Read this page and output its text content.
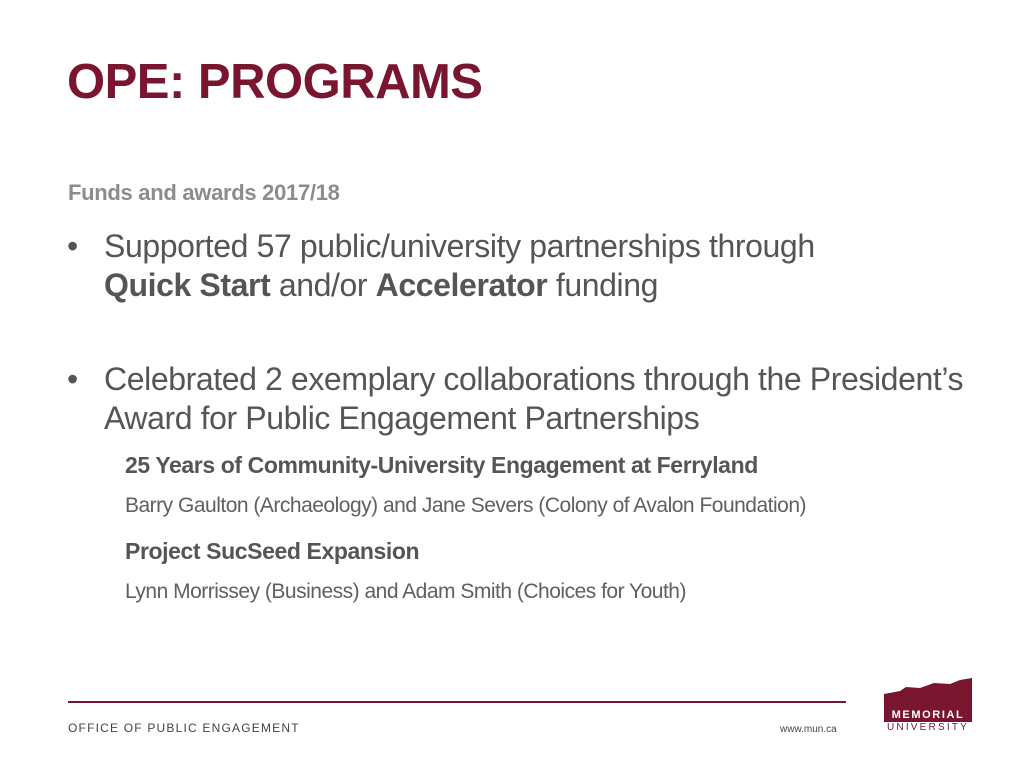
OPE: PROGRAMS
Funds and awards 2017/18
• Supported 57 public/university partnerships through
Quick Start and/or Accelerator funding
• Celebrated 2 exemplary collaborations through the President’s Award for Public Engagement Partnerships
25 Years of Community-University Engagement at Ferryland
Barry Gaulton (Archaeology) and Jane Severs (Colony of Avalon Foundation)
Project SucSeed Expansion
Lynn Morrissey (Business) and Adam Smith (Choices for Youth)
OFFICE OF PUBLIC ENGAGEMENT	www.mun.ca
MEMORIAL
UNIVERSITY
